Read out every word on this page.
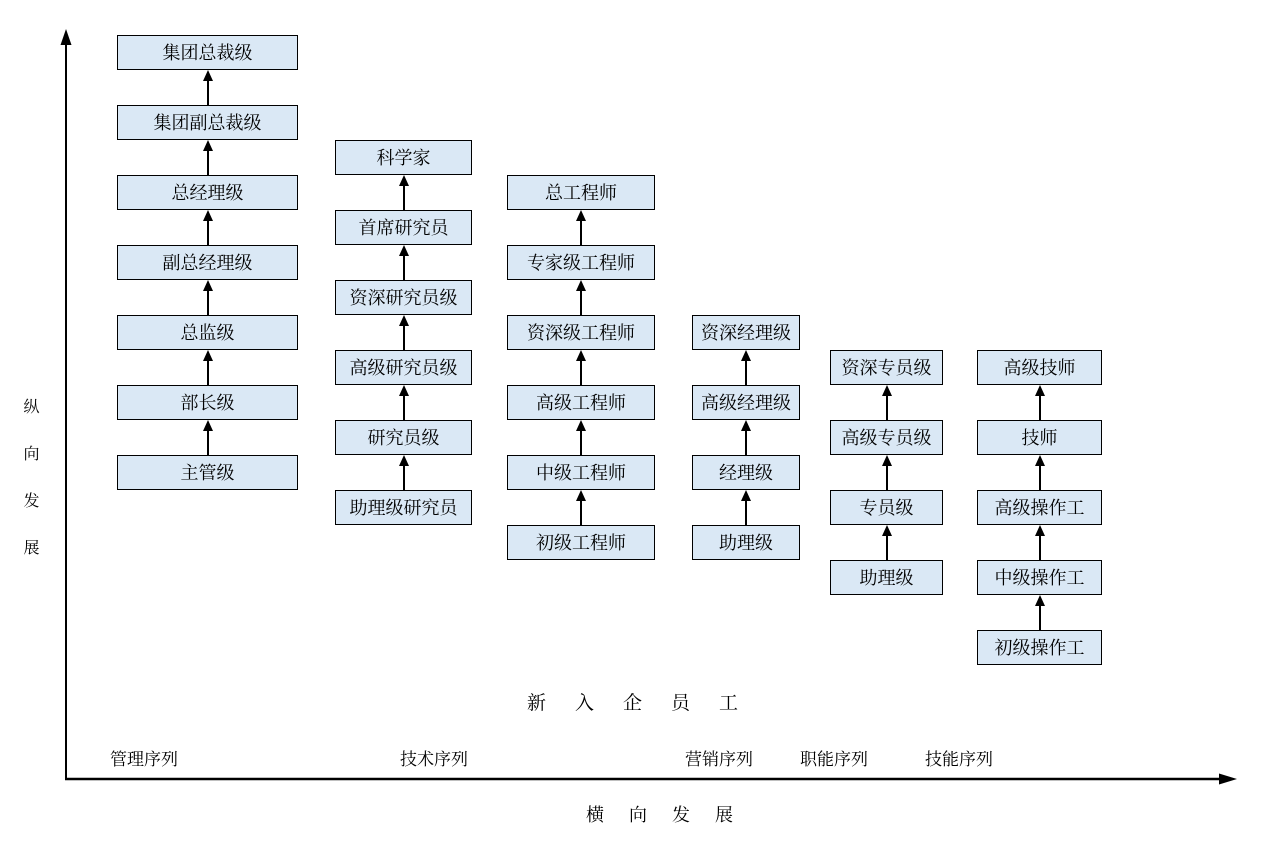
纵向发展
新入企员工
横向发展
集团总裁级
集团副总裁级
总经理级
副总经理级
总监级
部长级
主管级
科学家
首席研究员
资深研究员级
高级研究员级
研究员级
助理级研究员
总工程师
专家级工程师
资深级工程师
高级工程师
中级工程师
初级工程师
资深经理级
高级经理级
经理级
助理级
资深专员级
高级专员级
专员级
助理级
高级技师
技师
高级操作工
中级操作工
初级操作工
管理序列	技术序列	营销序列	职能序列	技能序列
